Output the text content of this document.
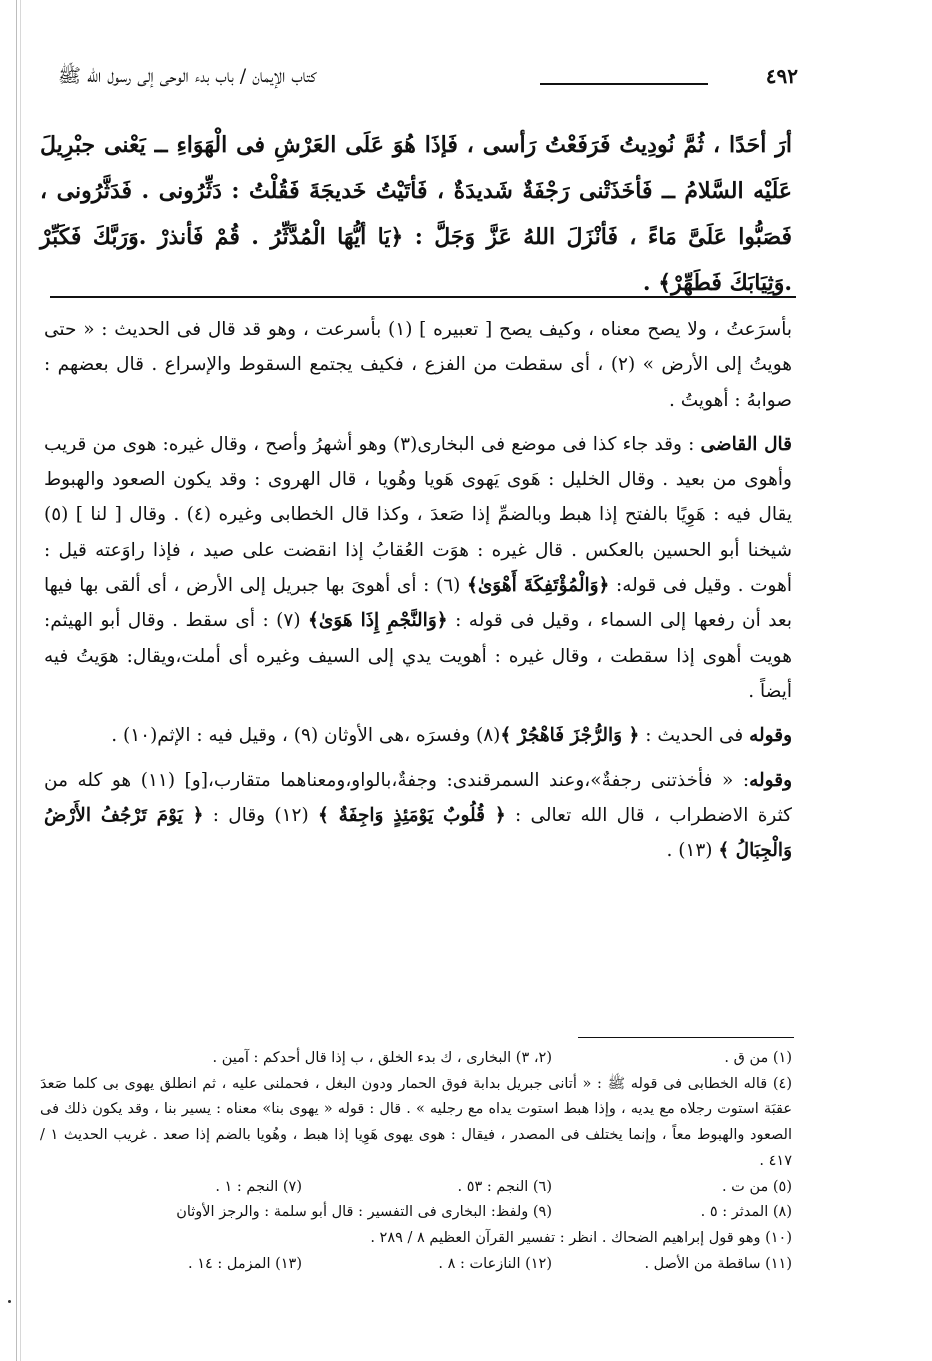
٤٩٢
كتاب الإيمان / باب بدء الوحى إلى رسول الله ﷺ
أرَ أحَدًا ، ثُمَّ نُودِيتُ فَرَفَعْتُ رَأسى ، فَإذَا هُوَ عَلَى العَرْشِ فى الْهَوَاءِ ــ يَعْنى جبْرِيلَ عَلَيْه السَّلامُ ــ فَأخَذَتْنى رَجْفَةٌ شَديدَةٌ ، فَأتَيْتُ خَديجَةَ فَقُلْتُ : دَثِّرُونى . فَدَثَّرُونى ، فَصَبُّوا عَلَىَّ مَاءً ، فَأنْزَلَ اللهُ عَزَّ وَجَلَّ : ﴿يَا أيُّهَا الْمُدَّثِّرُ . قُمْ فَأنذرْ .وَرَبَّكَ فَكَبِّرْ .وَثِيَابَكَ فَطَهِّرْ﴾ .

بأسرَعتُ ، ولا يصح معناه ، وكيف يصح [ تعبيره ] (١) بأسرعت ، وهو قد قال فى الحديث : « حتى هويتُ إلى الأرض » (٢) ، أى سقطت من الفزع ، فكيف يجتمع السقوط والإسراع . قال بعضهم : صوابهُ : أهويتُ .

قال القاضى : وقد جاء كذا فى موضع فى البخارى(٣) وهو أشهرُ وأصح ، وقال غيره: هوى من قريب وأهوى من بعيد . وقال الخليل : هَوى يَهوى هَويا وهُويا ، قال الهروى : وقد يكون الصعود والهبوط يقال فيه : هَوِيًا بالفتح إذا هبط وبالضمِّ إذا صَعدَ ، وكذا قال الخطابى وغيره (٤) . وقال [ لنا ] (٥) شيخنا أبو الحسين بالعكس . قال غيره : هوَت العُقابُ إذا انقضت على صيد ، فإذا راوَعته قيل : أهوت . وقيل فى قوله: ﴿وَالْمُؤْتَفِكَةَ أَهْوَىٰ﴾ (٦) : أى أهوىَ بها جبريل إلى الأرض ، أى ألقى بها فيها بعد أن رفعها إلى السماء ، وقيل فى قوله : ﴿وَالنَّجْمِ إِذَا هَوَىٰ﴾ (٧) : أى سقط . وقال أبو الهيثم: هويت أهوى إذا سقطت ، وقال غيره : أهويت يدي إلى السيف وغيره أى أملت،ويقال: هوَيتُ فيه أيضاً .

وقوله فى الحديث : ﴿ وَالرُّجْزَ فَاهْجُرْ ﴾(٨) وفسرَه ،هى الأوثان (٩) ، وقيل فيه : الإثم(١٠) .

وقوله: « فأخذتنى رجفةٌ»،وعند السمرقندى: وجفةٌ،بالواو،ومعناهما متقارب،[و] (١١) هو كله من كثرة الاضطراب ، قال الله تعالى : ﴿ قُلُوبٌ يَوْمَئِذٍ وَاجِفَةٌ ﴾ (١٢) وقال : ﴿ يَوْمَ تَرْجُفُ الأَرْضُ وَالْجِبَالُ ﴾ (١٣) .

(١) من ق .
(٢، ٣) البخارى ، ك بدء الخلق ، ب إذا قال أحدكم : آمين .
(٤) قاله الخطابى فى قوله ﷺ : « أتانى جبريل بدابة فوق الحمار ودون البغل ، فحملنى عليه ، ثم انطلق يهوى بى كلما صَعدَ عقبَة استوت رجلاه مع يديه ، وإذا هبط استوت يداه مع رجليه » . قال : قوله « يهوى بنا» معناه : يسير بنا ، وقد يكون ذلك فى الصعود والهبوط معاً ، وإنما يختلف فى المصدر ، فيقال : هوى يهوى هَوِيا إذا هبط ، وهُويا بالضم إذا صعد . غريب الحديث ١ / ٤١٧ .
(٥) من ت .
(٦) النجم : ٥٣ .
(٧) النجم : ١ .
(٨) المدثر : ٥ .
(٩) ولفظ: البخارى فى التفسير : قال أبو سلمة : والرجز الأوثان
(١٠) وهو قول إبراهيم الضحاك . انظر : تفسير القرآن العظيم ٨ / ٢٨٩ .
(١١) ساقطة من الأصل .
(١٢) النازعات : ٨ .
(١٣) المزمل : ١٤ .
